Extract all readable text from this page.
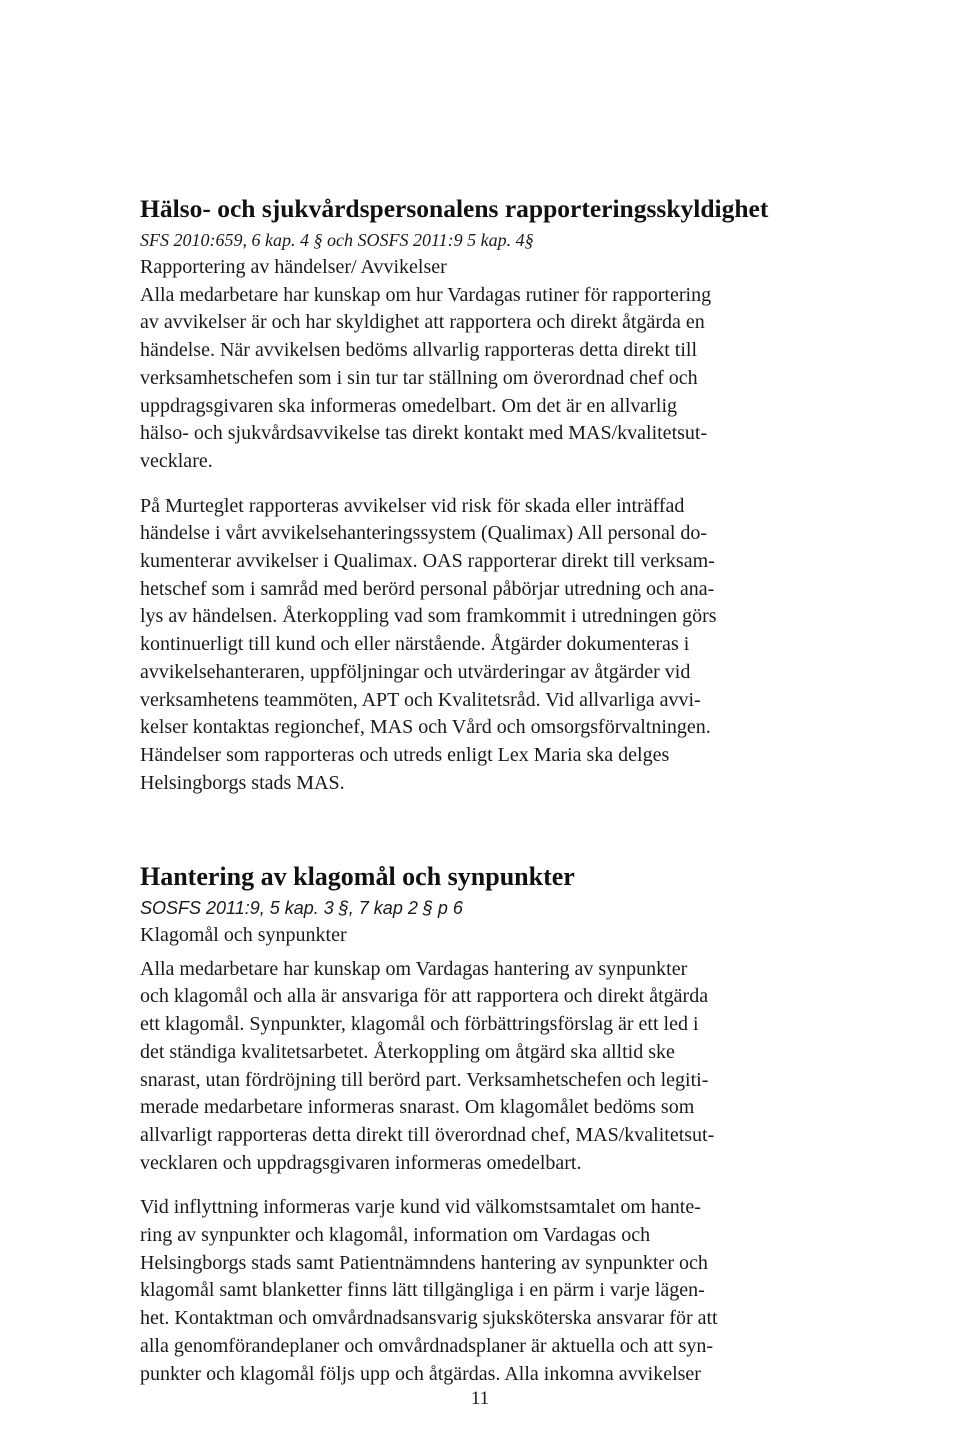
Hälso- och sjukvårdspersonalens rapporteringsskyldighet
SFS 2010:659, 6 kap. 4 § och SOSFS 2011:9 5 kap. 4§
Rapportering av händelser/ Avvikelser
Alla medarbetare har kunskap om hur Vardagas rutiner för rapportering
av avvikelser är och har skyldighet att rapportera och direkt åtgärda en
händelse. När avvikelsen bedöms allvarlig rapporteras detta direkt till
verksamhetschefen som i sin tur tar ställning om överordnad chef och
uppdragsgivaren ska informeras omedelbart. Om det är en allvarlig
hälso- och sjukvårdsavvikelse tas direkt kontakt med MAS/kvalitetsut-
vecklare.
På Murteglet rapporteras avvikelser vid risk för skada eller inträffad
händelse i vårt avvikelsehanteringssystem (Qualimax) All personal do-
kumenterar avvikelser i Qualimax. OAS rapporterar direkt till verksam-
hetschef som i samråd med berörd personal påbörjar utredning och ana-
lys av händelsen. Återkoppling vad som framkommit i utredningen görs
kontinuerligt till kund och eller närstående. Åtgärder dokumenteras i
avvikelsehanteraren, uppföljningar och utvärderingar av åtgärder vid
verksamhetens teammöten, APT och Kvalitetsråd. Vid allvarliga avvi-
kelser kontaktas regionchef, MAS och Vård och omsorgsförvaltningen.
Händelser som rapporteras och utreds enligt Lex Maria ska delges
Helsingborgs stads MAS.
Hantering av klagomål och synpunkter
SOSFS 2011:9, 5 kap. 3 §, 7 kap 2 § p 6
Klagomål och synpunkter
Alla medarbetare har kunskap om Vardagas hantering av synpunkter
och klagomål och alla är ansvariga för att rapportera och direkt åtgärda
ett klagomål. Synpunkter, klagomål och förbättringsförslag är ett led i
det ständiga kvalitetsarbetet. Återkoppling om åtgärd ska alltid ske
snarast, utan fördröjning till berörd part. Verksamhetschefen och legiti-
merade medarbetare informeras snarast. Om klagomålet bedöms som
allvarligt rapporteras detta direkt till överordnad chef, MAS/kvalitetsut-
vecklaren och uppdragsgivaren informeras omedelbart.
Vid inflyttning informeras varje kund vid välkomstsamtalet om hante-
ring av synpunkter och klagomål, information om Vardagas och
Helsingborgs stads samt Patientnämndens hantering av synpunkter och
klagomål samt blanketter finns lätt tillgängliga i en pärm i varje lägen-
het. Kontaktman och omvårdnadsansvarig sjuksköterska ansvarar för att
alla genomförandeplaner och omvårdnadsplaner är aktuella och att syn-
punkter och klagomål följs upp och åtgärdas. Alla inkomna avvikelser
11
